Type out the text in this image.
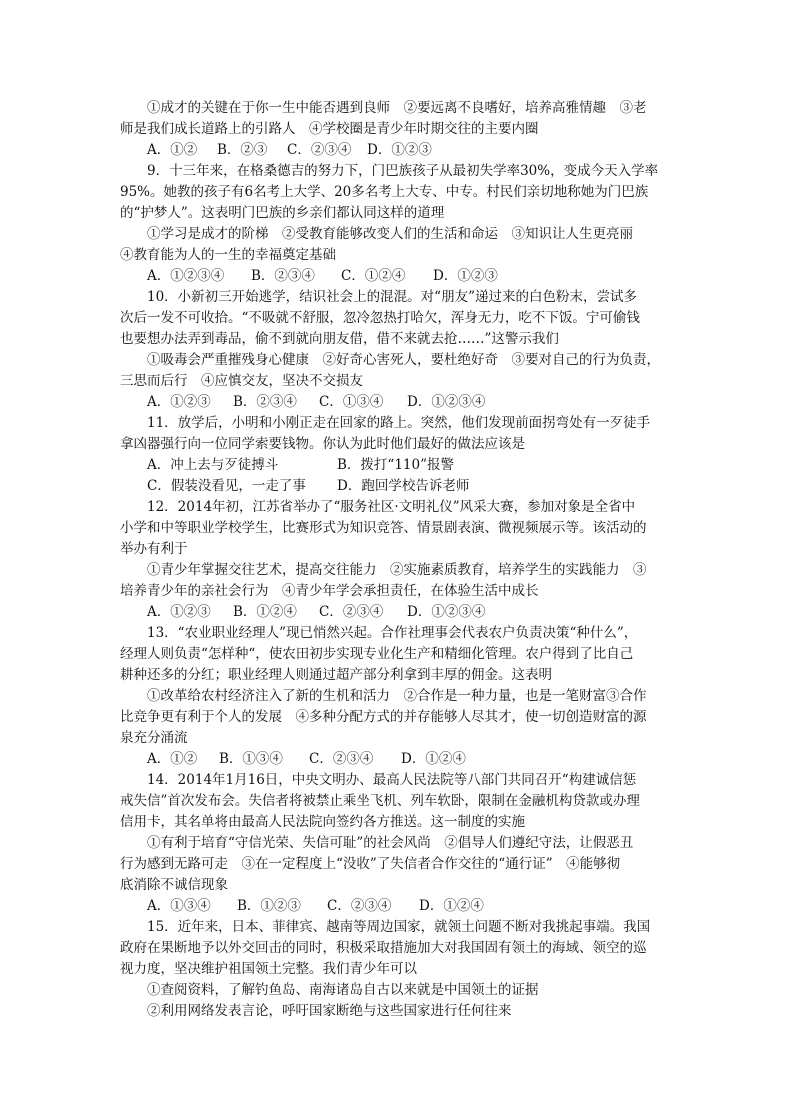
①成才的关键在于你一生中能否遇到良师　②要远离不良嗜好，培养高雅情趣　③老
师是我们成长道路上的引路人　④学校圈是青少年时期交往的主要内圈
A．①② B．②③ C．②③④ D．①②③
9．十三年来，在格桑德吉的努力下，门巴族孩子从最初失学率30%，变成今天入学率
95%。她教的孩子有6名考上大学、20多名考上大专、中专。村民们亲切地称她为门巴族
的“护梦人”。这表明门巴族的乡亲们都认同这样的道理
①学习是成才的阶梯　②受教育能够改变人们的生活和命运　③知识让人生更亮丽
④教育能为人的一生的幸福奠定基础
A．①②③④ B．②③④ C．①②④ D．①②③
10．小新初三开始逃学，结识社会上的混混。对“朋友”递过来的白色粉末，尝试多
次后一发不可收拾。“不吸就不舒服，忽冷忽热打哈欠，浑身无力，吃不下饭。宁可偷钱
也要想办法弄到毒品，偷不到就向朋友借，借不来就去抢……”这警示我们
①吸毒会严重摧残身心健康　②好奇心害死人，要杜绝好奇　③要对自己的行为负责，
三思而后行　④应慎交友，坚决不交损友
A．①②③ B．②③④ C．①③④ D．①②③④
11．放学后，小明和小刚正走在回家的路上。突然，他们发现前面拐弯处有一歹徒手
拿凶器强行向一位同学索要钱物。你认为此时他们最好的做法应该是
A．冲上去与歹徒搏斗	B．拨打“110”报警
C．假装没看见，一走了事 D．跑回学校告诉老师
12．2014年初，江苏省举办了“服务社区·文明礼仪”风采大赛，参加对象是全省中
小学和中等职业学校学生，比赛形式为知识竞答、情景剧表演、微视频展示等。该活动的
举办有利于
①青少年掌握交往艺术，提高交往能力　②实施素质教育，培养学生的实践能力　③
培养青少年的亲社会行为　④青少年学会承担责任，在体验生活中成长
A．①②③ B．①②④ C．②③④ D．①②③④
13．“农业职业经理人”现已悄然兴起。合作社理事会代表农户负责决策“种什么”，
经理人则负责“怎样种“，使农田初步实现专业化生产和精细化管理。农户得到了比自己
耕种还多的分红；职业经理人则通过超产部分利拿到丰厚的佣金。这表明
①改革给农村经济注入了新的生机和活力　②合作是一种力量，也是一笔财富③合作
比竞争更有利于个人的发展　④多种分配方式的并存能够人尽其才，使一切创造财富的源
泉充分涌流
A．①② B．①③④ C．②③④ D．①②④
14．2014年1月16日，中央文明办、最高人民法院等八部门共同召开“构建诚信惩
戒失信”首次发布会。失信者将被禁止乘坐飞机、列车软卧，限制在金融机构贷款或办理
信用卡，其名单将由最高人民法院向签约各方推送。这一制度的实施
①有利于培育“守信光荣、失信可耻”的社会风尚　②倡导人们遵纪守法，让假恶丑
行为感到无路可走　③在一定程度上“没收”了失信者合作交往的“通行证”　④能够彻
底消除不诚信现象
A．①③④ B．①②③ C．②③④ D．①②④
15．近年来，日本、菲律宾、越南等周边国家，就领土问题不断对我挑起事端。我国
政府在果断地予以外交回击的同时，积极采取措施加大对我国固有领土的海域、领空的巡
视力度，坚决维护祖国领土完整。我们青少年可以
①查阅资料，了解钓鱼岛、南海诸岛自古以来就是中国领土的证据
②利用网络发表言论，呼吁国家断绝与这些国家进行任何往来
